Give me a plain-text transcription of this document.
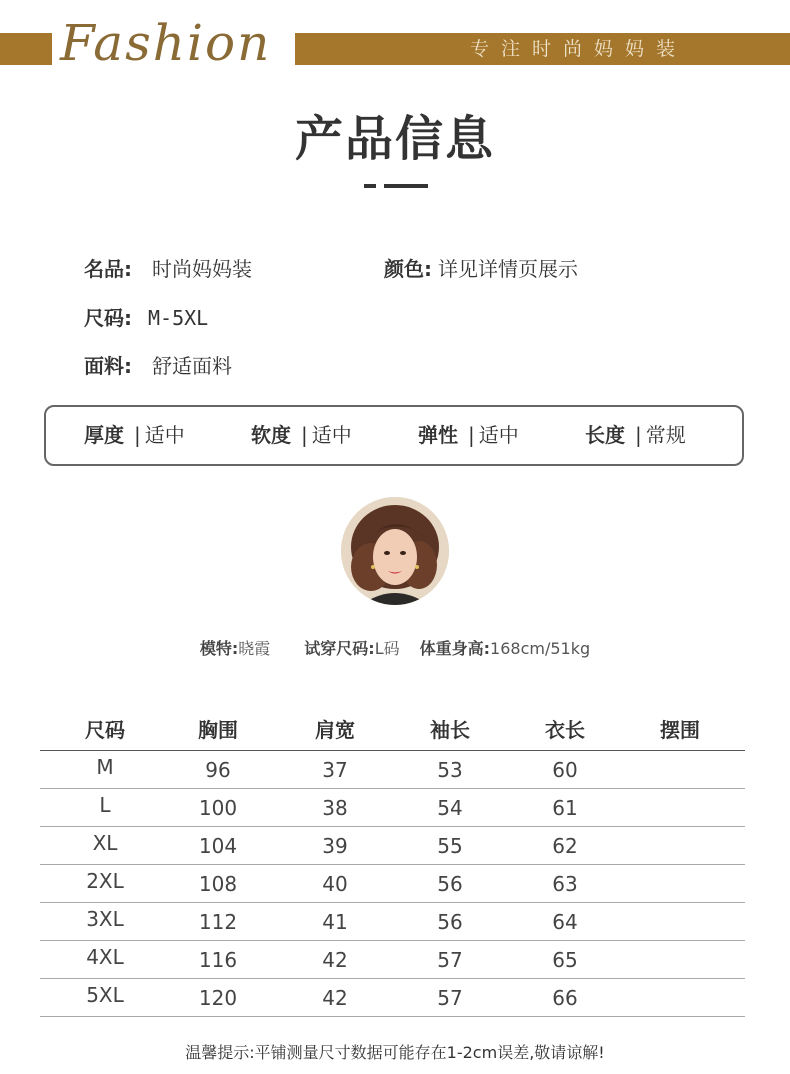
Fashion	专注时尚妈妈装
产品信息
名品: 时尚妈妈装	颜色: 详见详情页展示
尺码: M-5XL
面料: 舒适面料
厚度 | 适中	软度 | 适中	弹性 | 适中	长度 | 常规
模特:晓霞 试穿尺码:L码 体重身高:168cm/51kg
尺码	胸围	肩宽	袖长	衣长	摆围
M	96	37	53	60
L	100	38	54	61
XL	104	39	55	62
2XL	108	40	56	63
3XL	112	41	56	64
4XL	116	42	57	65
5XL	120	42	57	66
温馨提示:平铺测量尺寸数据可能存在1-2cm误差,敬请谅解!
